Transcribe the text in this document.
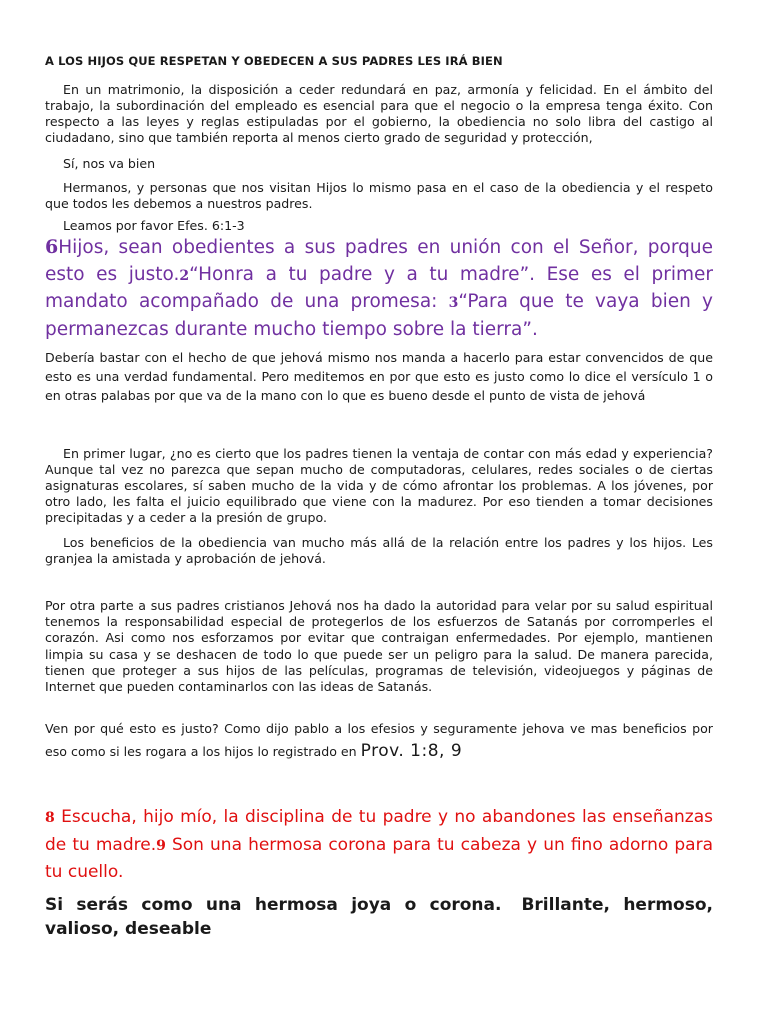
A LOS HIJOS QUE RESPETAN Y OBEDECEN A SUS PADRES LES IRÁ BIEN

En un matrimonio, la disposición a ceder redundará en paz, armonía y felicidad. En el ámbito del trabajo, la subordinación del empleado es esencial para que el negocio o la empresa tenga éxito. Con respecto a las leyes y reglas estipuladas por el gobierno, la obediencia no solo libra del castigo al ciudadano, sino que también reporta al menos cierto grado de seguridad y protección,

Sí, nos va bien

Hermanos, y personas que nos visitan Hijos lo mismo pasa en el caso de la obediencia y el respeto que todos les debemos a nuestros padres.

Leamos por favor Efes. 6:1-3

6Hijos, sean obedientes a sus padres en unión con el Señor, porque esto es justo.2“Honra a tu padre y a tu madre”. Ese es el primer mandato acompañado de una promesa: 3“Para que te vaya bien y permanezcas durante mucho tiempo sobre la tierra”.

Debería bastar con el hecho de que jehová mismo nos manda a hacerlo para estar convencidos de que esto es una verdad fundamental. Pero meditemos en por que esto es justo como lo dice el versículo 1 o en otras palabas por que va de la mano con lo que es bueno desde el punto de vista de jehová

En primer lugar, ¿no es cierto que los padres tienen la ventaja de contar con más edad y experiencia? Aunque tal vez no parezca que sepan mucho de computadoras, celulares, redes sociales o de ciertas asignaturas escolares, sí saben mucho de la vida y de cómo afrontar los problemas. A los jóvenes, por otro lado, les falta el juicio equilibrado que viene con la madurez. Por eso tienden a tomar decisiones precipitadas y a ceder a la presión de grupo.

Los beneficios de la obediencia van mucho más allá de la relación entre los padres y los hijos. Les granjea la amistada y aprobación de jehová.

Por otra parte a sus padres cristianos Jehová nos ha dado la autoridad para velar por su salud espiritual tenemos la responsabilidad especial de protegerlos de los esfuerzos de Satanás por corromperles el corazón. Asi como nos esforzamos por evitar que contraigan enfermedades. Por ejemplo, mantienen limpia su casa y se deshacen de todo lo que puede ser un peligro para la salud. De manera parecida, tienen que proteger a sus hijos de las películas, programas de televisión, videojuegos y páginas de Internet que pueden contaminarlos con las ideas de Satanás.

Ven por qué esto es justo? Como dijo pablo a los efesios y seguramente jehova ve mas beneficios por eso como si les rogara a los hijos lo registrado en Prov. 1:8, 9

8 Escucha, hijo mío, la disciplina de tu padre y no abandones las enseñanzas de tu madre.9 Son una hermosa corona para tu cabeza y un fino adorno para tu cuello.

Si serás como una hermosa joya o corona. Brillante, hermoso, valioso, deseable
